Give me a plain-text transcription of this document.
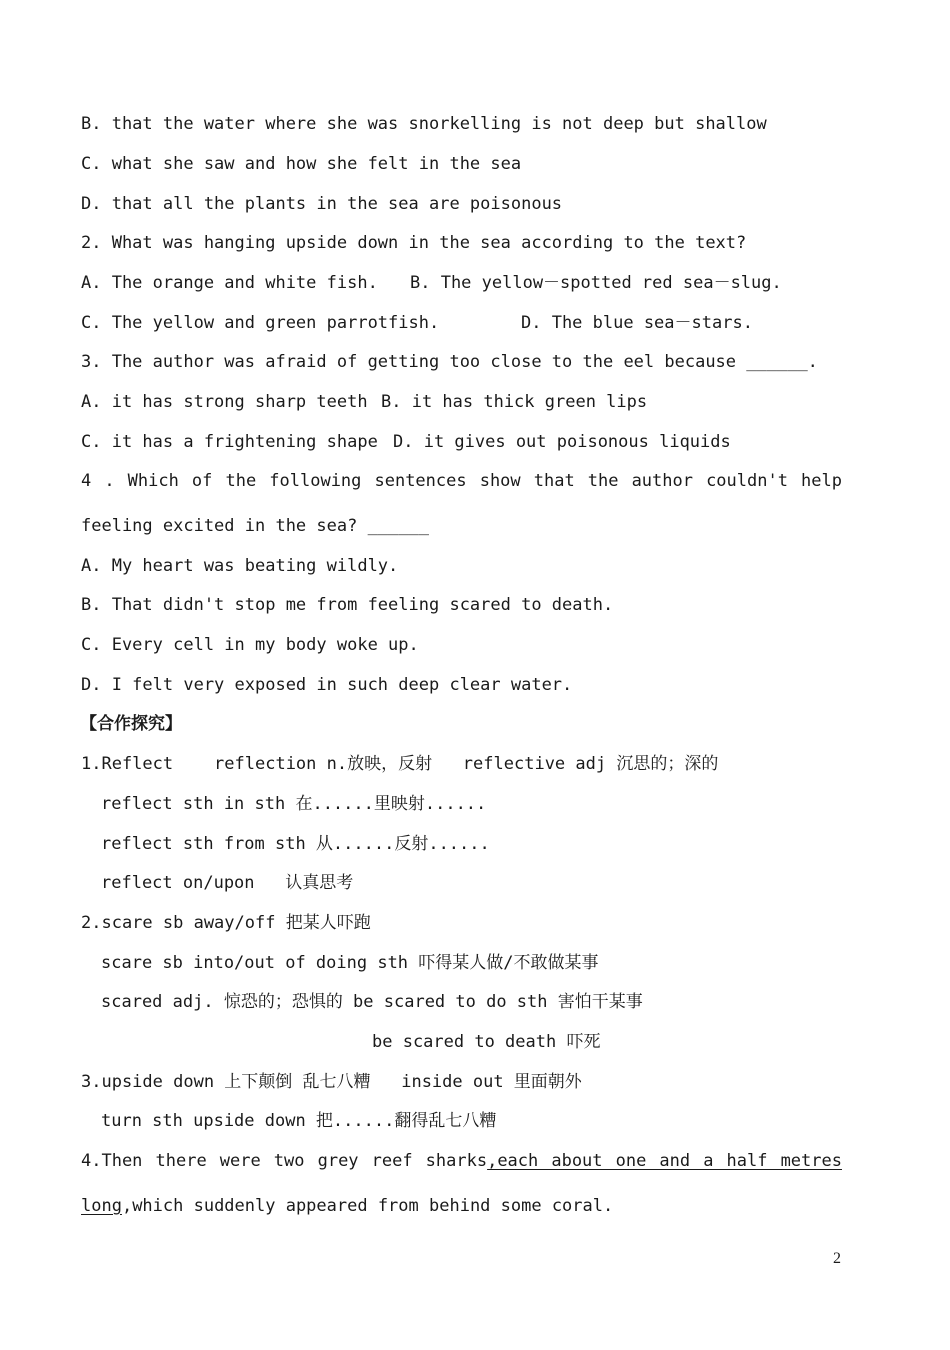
B. that the water where she was snorkelling is not deep but shallow
C. what she saw and how she felt in the sea
D. that all the plants in the sea are poisonous
2. What was hanging upside down in the sea according to the text?
A. The orange and white fish. B. The yellow－spotted red sea－slug.
C. The yellow and green parrotfish.	D. The blue sea－stars.
3. The author was afraid of getting too close to the eel because ______.
A. it has strong sharp teeth B. it has thick green lips
C. it has a frightening shape D. it gives out poisonous liquids
4 . Which of the following sentences show that the author couldn't help
feeling excited in the sea? ______
A. My heart was beating wildly.
B. That didn't stop me from feeling scared to death.
C. Every cell in my body woke up.
D. I felt very exposed in such deep clear water.
【合作探究】
1.Reflect    reflection n.放映，反射   reflective adj 沉思的；深的
reflect sth in sth 在......里映射......
reflect sth from sth 从......反射......
reflect on/upon   认真思考
2.scare sb away/off 把某人吓跑
scare sb into/out of doing sth 吓得某人做/不敢做某事
scared adj. 惊恐的；恐惧的 be scared to do sth 害怕干某事
be scared to death 吓死
3.upside down 上下颠倒 乱七八糟   inside out 里面朝外
turn sth upside down 把......翻得乱七八糟
4.Then there were two grey reef sharks,each about one and a half metres
long,which suddenly appeared from behind some coral.
2
